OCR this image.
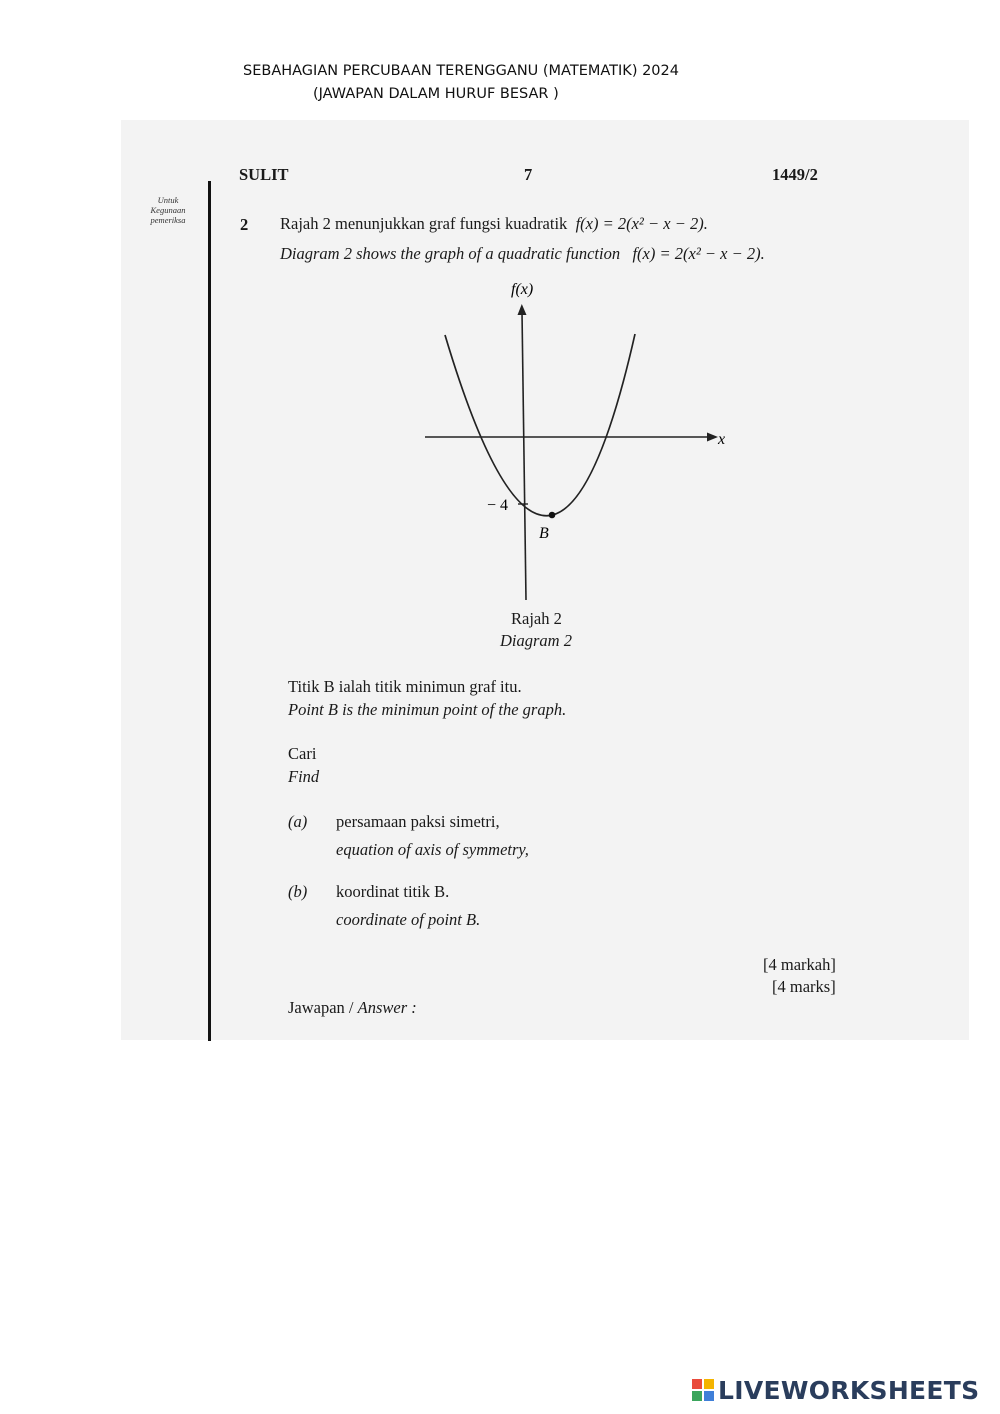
SEBAHAGIAN PERCUBAAN TERENGGANU (MATEMATIK) 2024
(JAWAPAN DALAM HURUF BESAR )
SULIT	7	1449/2
Untuk
Kegunaan
pemeriksa	2 Rajah 2 menunjukkan graf fungsi kuadratik f(x) = 2(x² − x − 2).
Diagram 2 shows the graph of a quadratic function f(x) = 2(x² − x − 2).
f(x)
x
− 4
B
Rajah 2
Diagram 2
Titik B ialah titik minimun graf itu.
Point B is the minimun point of the graph.
Cari
Find
(a) persamaan paksi simetri,
equation of axis of symmetry,
(b) koordinat titik B.
coordinate of point B.
[4 markah]
[4 marks]
Jawapan / Answer :
LIVEWORKSHEETS
